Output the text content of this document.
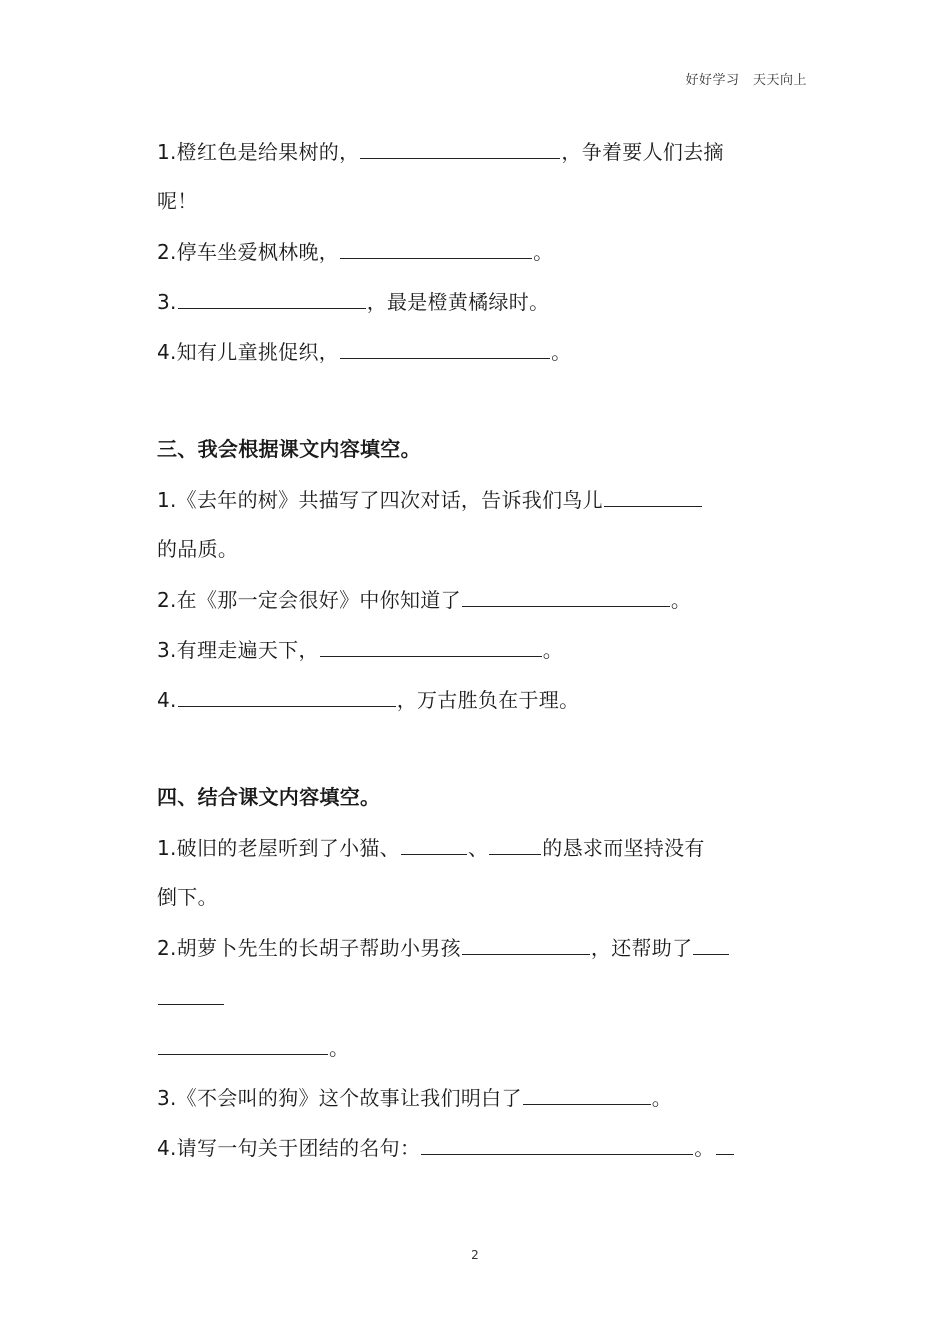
好好学习　天天向上
1.橙红色是给果树的，	，争着要人们去摘
呢！
2.停车坐爱枫林晚，	。
3.	，最是橙黄橘绿时。
4.知有儿童挑促织，	。
三、我会根据课文内容填空。
1.《去年的树》共描写了四次对话，告诉我们鸟儿
的品质。
2.在《那一定会很好》中你知道了	。
3.有理走遍天下，	。
4.	，万古胜负在于理。
四、结合课文内容填空。
1.破旧的老屋听到了小猫、	、	的恳求而坚持没有
倒下。
2.胡萝卜先生的长胡子帮助小男孩	，还帮助了
。
3.《不会叫的狗》这个故事让我们明白了	。
4.请写一句关于团结的名句：	。
2
